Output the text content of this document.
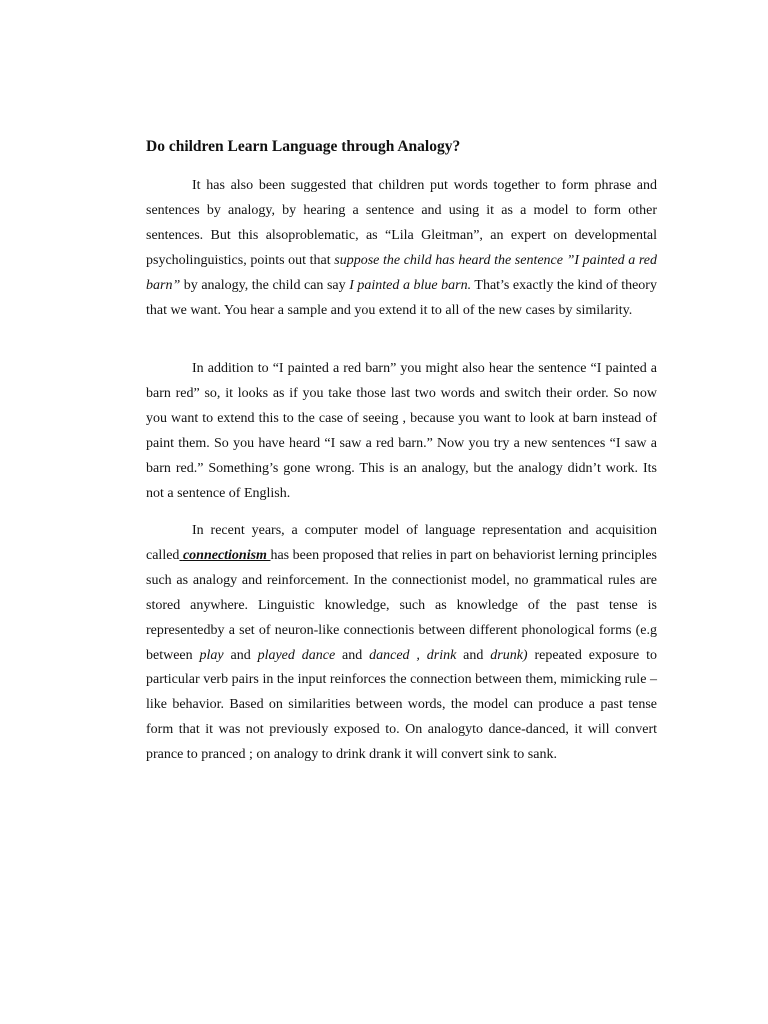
Do children Learn Language through Analogy?

It has also been suggested that children put words together to form phrase and sentences by analogy, by hearing a sentence and using it as a model to form other sentences. But this alsoproblematic, as “Lila Gleitman”, an expert on developmental psycholinguistics, points out that suppose the child has heard the sentence ”I painted a red barn” by analogy, the child can say I painted a blue barn. That’s exactly the kind of theory that we want. You hear a sample and you extend it to all of the new cases by similarity.

In addition to “I painted a red barn” you might also hear the sentence “I painted a barn red” so, it looks as if you take those last two words and switch their order. So now you want to extend this to the case of seeing , because you want to look at barn instead of paint them. So you have heard “I saw a red barn.” Now you try a new sentences “I saw a barn red.” Something’s gone wrong. This is an analogy, but the analogy didn’t work. Its not a sentence of English.

In recent years, a computer model of language representation and acquisition called connectionism has been proposed that relies in part on behaviorist lerning principles such as analogy and reinforcement. In the connectionist model, no grammatical rules are stored anywhere. Linguistic knowledge, such as knowledge of the past tense is representedby a set of neuron-like connectionis between different phonological forms (e.g between play and played dance and danced , drink and drunk) repeated exposure to particular verb pairs in the input reinforces the connection between them, mimicking rule –like behavior. Based on similarities between words, the model can produce a past tense form that it was not previously exposed to. On analogyto dance-danced, it will convert prance to pranced ; on analogy to drink drank it will convert sink to sank.
